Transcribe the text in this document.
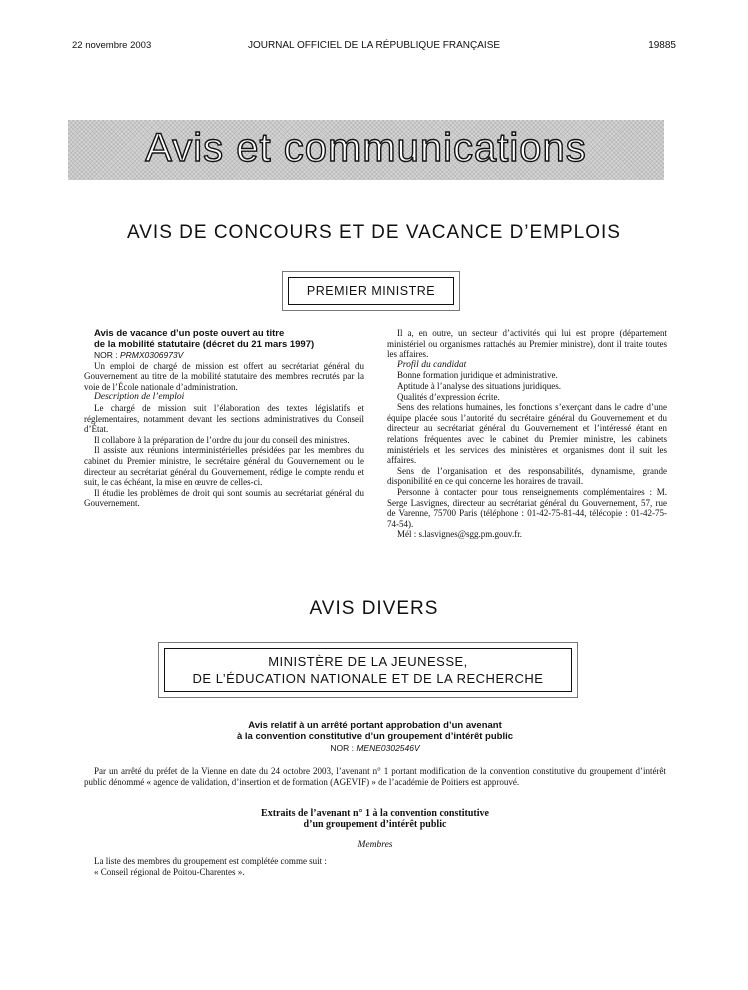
22 novembre 2003	JOURNAL OFFICIEL DE LA RÉPUBLIQUE FRANÇAISE	19885
Avis et communications
AVIS DE CONCOURS ET DE VACANCE D’EMPLOIS
PREMIER MINISTRE

Avis de vacance d’un poste ouvert au titre

de la mobilité statutaire (décret du 21 mars 1997)

NOR : PRMX0306973V

Un emploi de chargé de mission est offert au secrétariat général du Gouvernement au titre de la mobilité statutaire des membres recrutés par la voie de l’École nationale d’administration.

Description de l’emploi

Le chargé de mission suit l’élaboration des textes législatifs et réglementaires, notamment devant les sections administratives du Conseil d’État.

Il collabore à la préparation de l’ordre du jour du conseil des ministres.

Il assiste aux réunions interministérielles présidées par les membres du cabinet du Premier ministre, le secrétaire général du Gouvernement ou le directeur au secrétariat général du Gouvernement, rédige le compte rendu et suit, le cas échéant, la mise en œuvre de celles-ci.

Il étudie les problèmes de droit qui sont soumis au secrétariat général du Gouvernement.

Il a, en outre, un secteur d’activités qui lui est propre (département ministériel ou organismes rattachés au Premier ministre), dont il traite toutes les affaires.

Profil du candidat

Bonne formation juridique et administrative.

Aptitude à l’analyse des situations juridiques.

Qualités d’expression écrite.

Sens des relations humaines, les fonctions s’exerçant dans le cadre d’une équipe placée sous l’autorité du secrétaire général du Gouvernement et du directeur au secrétariat général du Gouvernement et l’intéressé étant en relations fréquentes avec le cabinet du Premier ministre, les cabinets ministériels et les services des ministères et organismes dont il suit les affaires.

Sens de l’organisation et des responsabilités, dynamisme, grande disponibilité en ce qui concerne les horaires de travail.

Personne à contacter pour tous renseignements complémentaires : M. Serge Lasvignes, directeur au secrétariat général du Gouvernement, 57, rue de Varenne, 75700 Paris (téléphone : 01-42-75-81-44, télécopie : 01-42-75-74-54).

Mél : s.lasvignes@sgg.pm.gouv.fr.

AVIS DIVERS
MINISTÈRE DE LA JEUNESSE,
DE L’ÉDUCATION NATIONALE ET DE LA RECHERCHE
Avis relatif à un arrêté portant approbation d’un avenant
à la convention constitutive d’un groupement d’intérêt public
NOR : MENE0302546V

Par un arrêté du préfet de la Vienne en date du 24 octobre 2003, l’avenant n° 1 portant modification de la convention constitutive du groupement d’intérêt public dénommé « agence de validation, d’insertion et de formation (AGEVIF) » de l’académie de Poitiers est approuvé.

Extraits de l’avenant n° 1 à la convention constitutive
d’un groupement d’intérêt public
Membres

La liste des membres du groupement est complétée comme suit :

« Conseil régional de Poitou-Charentes ».
